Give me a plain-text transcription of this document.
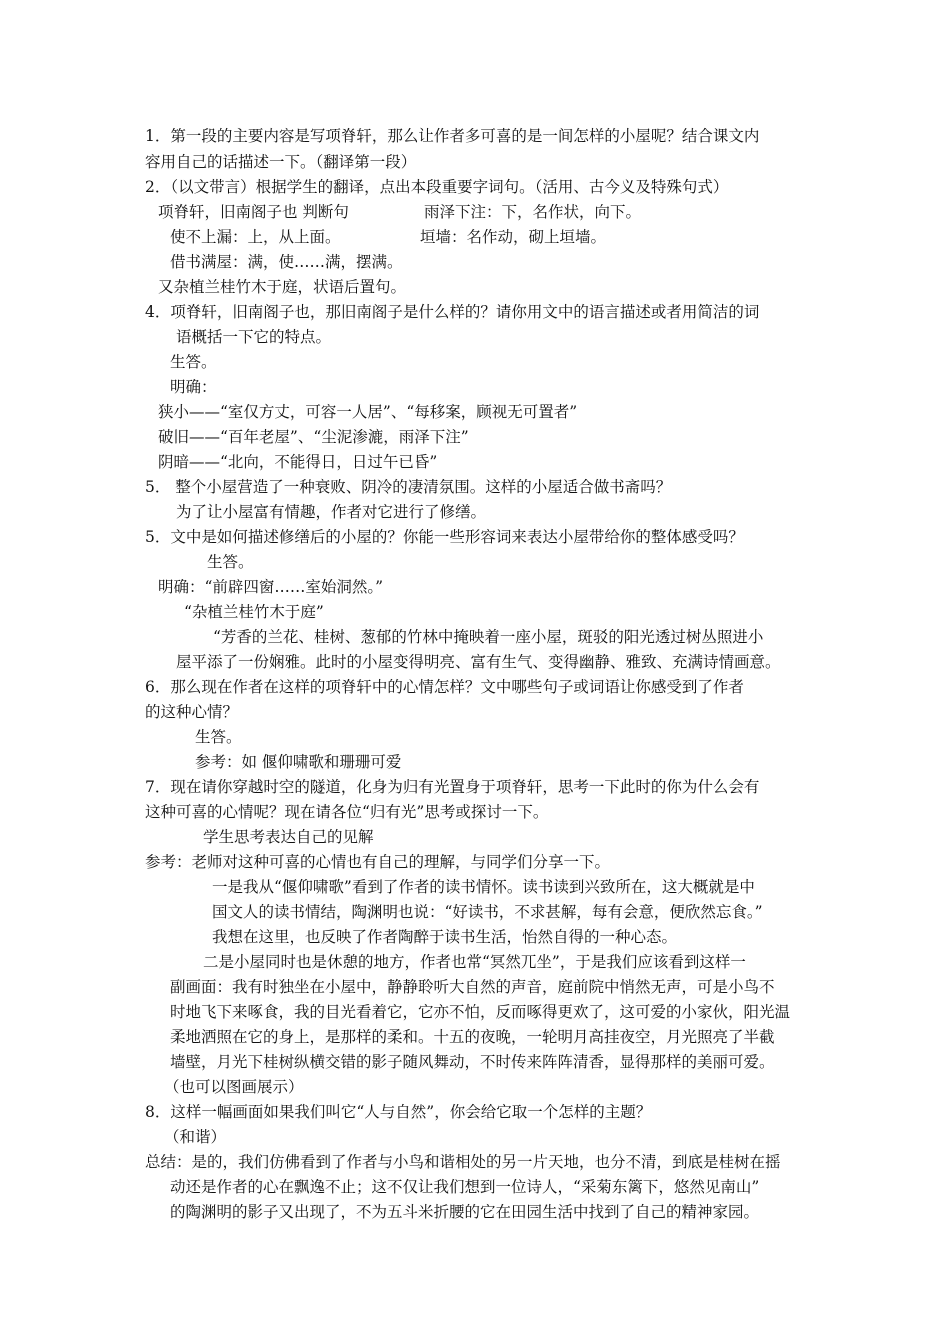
1．第一段的主要内容是写项脊轩，那么让作者多可喜的是一间怎样的小屋呢？结合课文内
容用自己的话描述一下。（翻译第一段）
2．（以文带言）根据学生的翻译，点出本段重要字词句。（活用、古今义及特殊句式）
项脊轩，旧南阁子也 判断句	雨泽下注：下，名作状，向下。
使不上漏：上，从上面。	垣墙：名作动，砌上垣墙。
借书满屋：满，使……满，摆满。
又杂植兰桂竹木于庭，状语后置句。
4．项脊轩，旧南阁子也，那旧南阁子是什么样的？请你用文中的语言描述或者用简洁的词
语概括一下它的特点。
生答。
明确：
狭小——“室仅方丈，可容一人居”、“每移案，顾视无可置者”
破旧——“百年老屋”、“尘泥渗漉，雨泽下注”
阴暗——“北向，不能得日，日过午已昏”
5． 整个小屋营造了一种衰败、阴冷的凄清氛围。这样的小屋适合做书斋吗？
为了让小屋富有情趣，作者对它进行了修缮。
5．文中是如何描述修缮后的小屋的？你能一些形容词来表达小屋带给你的整体感受吗？
生答。
明确：“前辟四窗……室始洞然。”
“杂植兰桂竹木于庭”
“芳香的兰花、桂树、葱郁的竹林中掩映着一座小屋，斑驳的阳光透过树丛照进小
屋平添了一份娴雅。此时的小屋变得明亮、富有生气、变得幽静、雅致、充满诗情画意。
6．那么现在作者在这样的项脊轩中的心情怎样？文中哪些句子或词语让你感受到了作者
的这种心情？
生答。
参考：如 偃仰啸歌和珊珊可爱
7．现在请你穿越时空的隧道，化身为归有光置身于项脊轩，思考一下此时的你为什么会有
这种可喜的心情呢？现在请各位“归有光”思考或探讨一下。
学生思考表达自己的见解
参考：老师对这种可喜的心情也有自己的理解，与同学们分享一下。
一是我从“偃仰啸歌”看到了作者的读书情怀。读书读到兴致所在，这大概就是中
国文人的读书情结，陶渊明也说：“好读书，不求甚解，每有会意，便欣然忘食。”
我想在这里，也反映了作者陶醉于读书生活，怡然自得的一种心态。
二是小屋同时也是休憩的地方，作者也常“冥然兀坐”，于是我们应该看到这样一
副画面：我有时独坐在小屋中，静静聆听大自然的声音，庭前院中悄然无声，可是小鸟不
时地飞下来啄食，我的目光看着它，它亦不怕，反而啄得更欢了，这可爱的小家伙，阳光温
柔地洒照在它的身上，是那样的柔和。十五的夜晚，一轮明月高挂夜空，月光照亮了半截
墙壁，月光下桂树纵横交错的影子随风舞动，不时传来阵阵清香，显得那样的美丽可爱。
（也可以图画展示）
8．这样一幅画面如果我们叫它“人与自然”，你会给它取一个怎样的主题？
（和谐）
总结：是的，我们仿佛看到了作者与小鸟和谐相处的另一片天地，也分不清，到底是桂树在摇
动还是作者的心在飘逸不止；这不仅让我们想到一位诗人，“采菊东篱下，悠然见南山”
的陶渊明的影子又出现了，不为五斗米折腰的它在田园生活中找到了自己的精神家园。
